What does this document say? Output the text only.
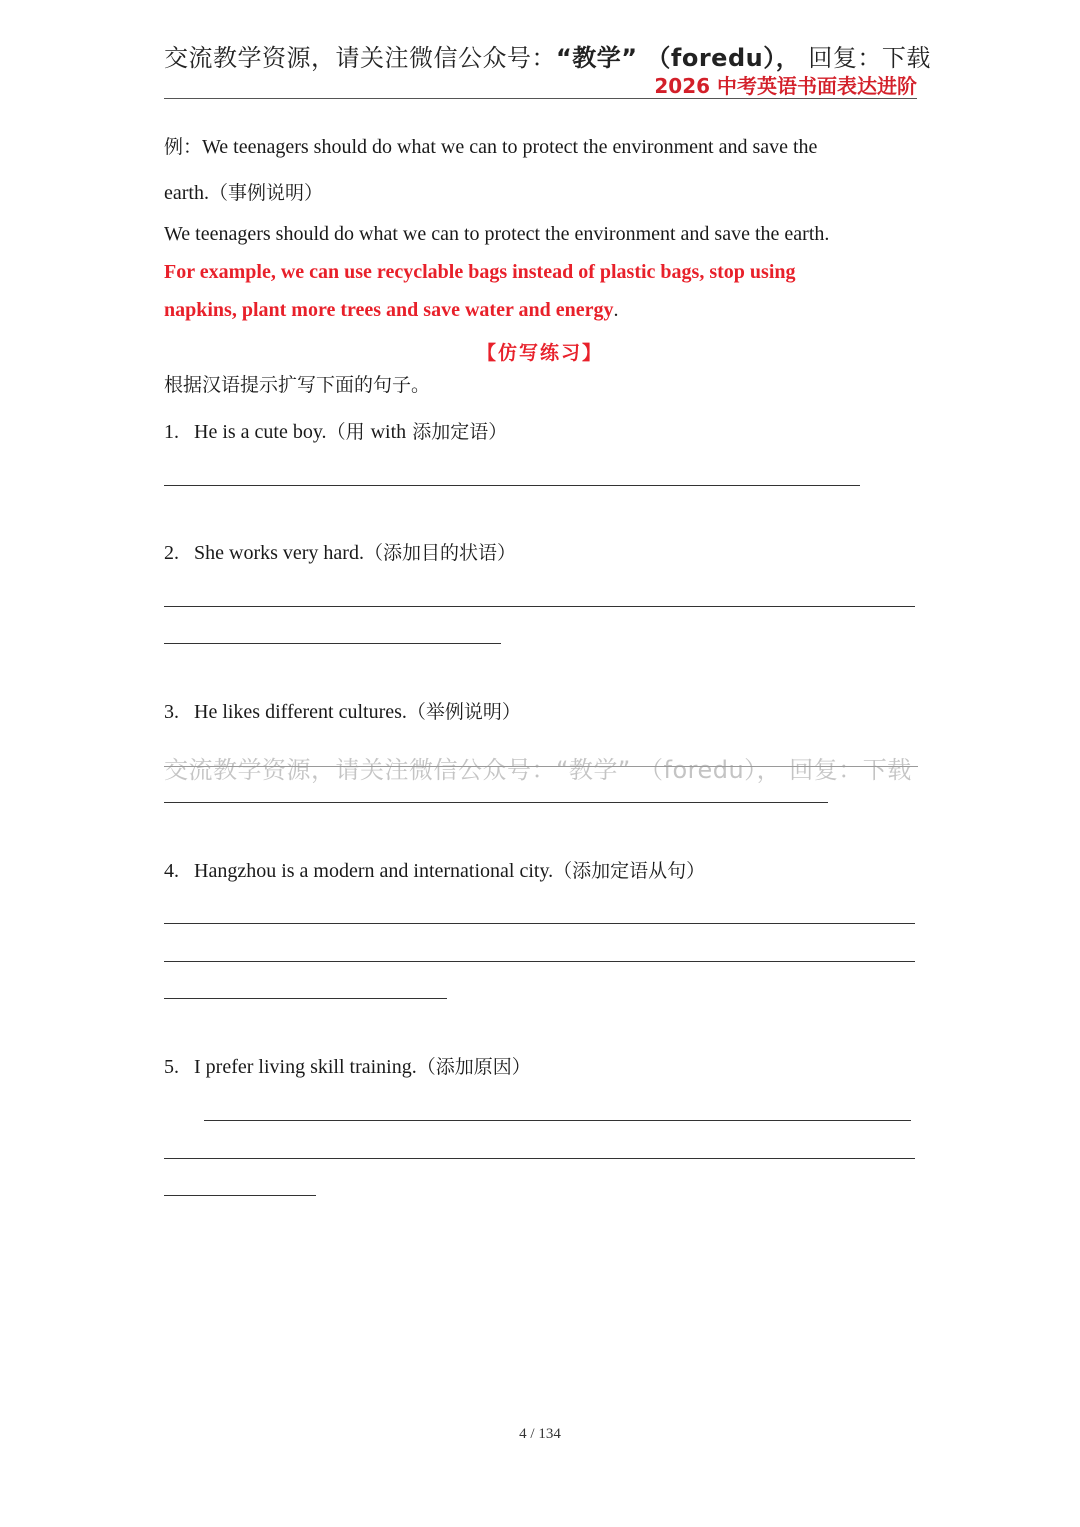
交流教学资源，请关注微信公众号：“教学” （foredu）， 回复：下载
2026 中考英语书面表达进阶
例：We teenagers should do what we can to protect the environment and save the
earth.（事例说明）
We teenagers should do what we can to protect the environment and save the earth.
For example, we can use recyclable bags instead of plastic bags, stop using
napkins, plant more trees and save water and energy.
【仿写练习】
根据汉语提示扩写下面的句子。
1. He is a cute boy.（用 with 添加定语）
2. She works very hard.（添加目的状语）
3. He likes different cultures.（举例说明）
交流教学资源，请关注微信公众号：“教学” （foredu）， 回复：下载
4. Hangzhou is a modern and international city.（添加定语从句）
5. I prefer living skill training.（添加原因）
4 / 134
